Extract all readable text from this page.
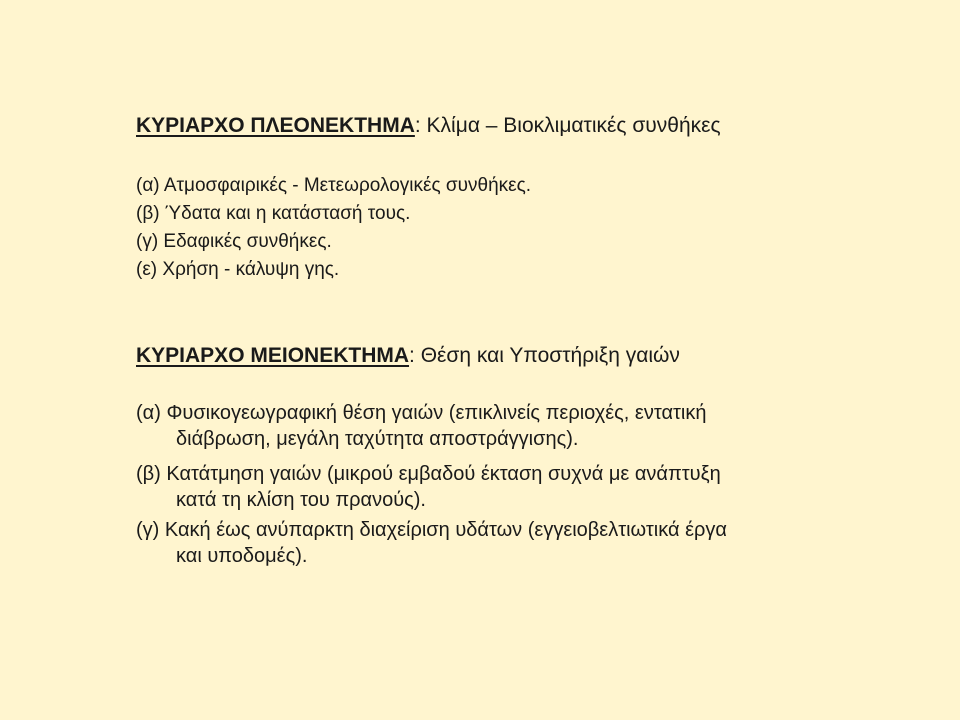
ΚΥΡΙΑΡΧΟ ΠΛΕΟΝΕΚΤΗΜΑ: Κλίμα – Βιοκλιματικές συνθήκες
(α) Ατμοσφαιρικές - Μετεωρολογικές συνθήκες.
(β) Ύδατα και η κατάστασή τους.
(γ) Εδαφικές συνθήκες.
(ε) Χρήση - κάλυψη γης.
ΚΥΡΙΑΡΧΟ ΜΕΙΟΝΕΚΤΗΜΑ: Θέση και Υποστήριξη γαιών
(α) Φυσικογεωγραφική θέση γαιών (επικλινείς περιοχές, εντατική
διάβρωση, μεγάλη ταχύτητα αποστράγγισης).
(β) Κατάτμηση γαιών (μικρού εμβαδού έκταση συχνά με ανάπτυξη
κατά τη κλίση του πρανούς).
(γ) Κακή έως ανύπαρκτη διαχείριση υδάτων (εγγειοβελτιωτικά έργα
και υποδομές).
